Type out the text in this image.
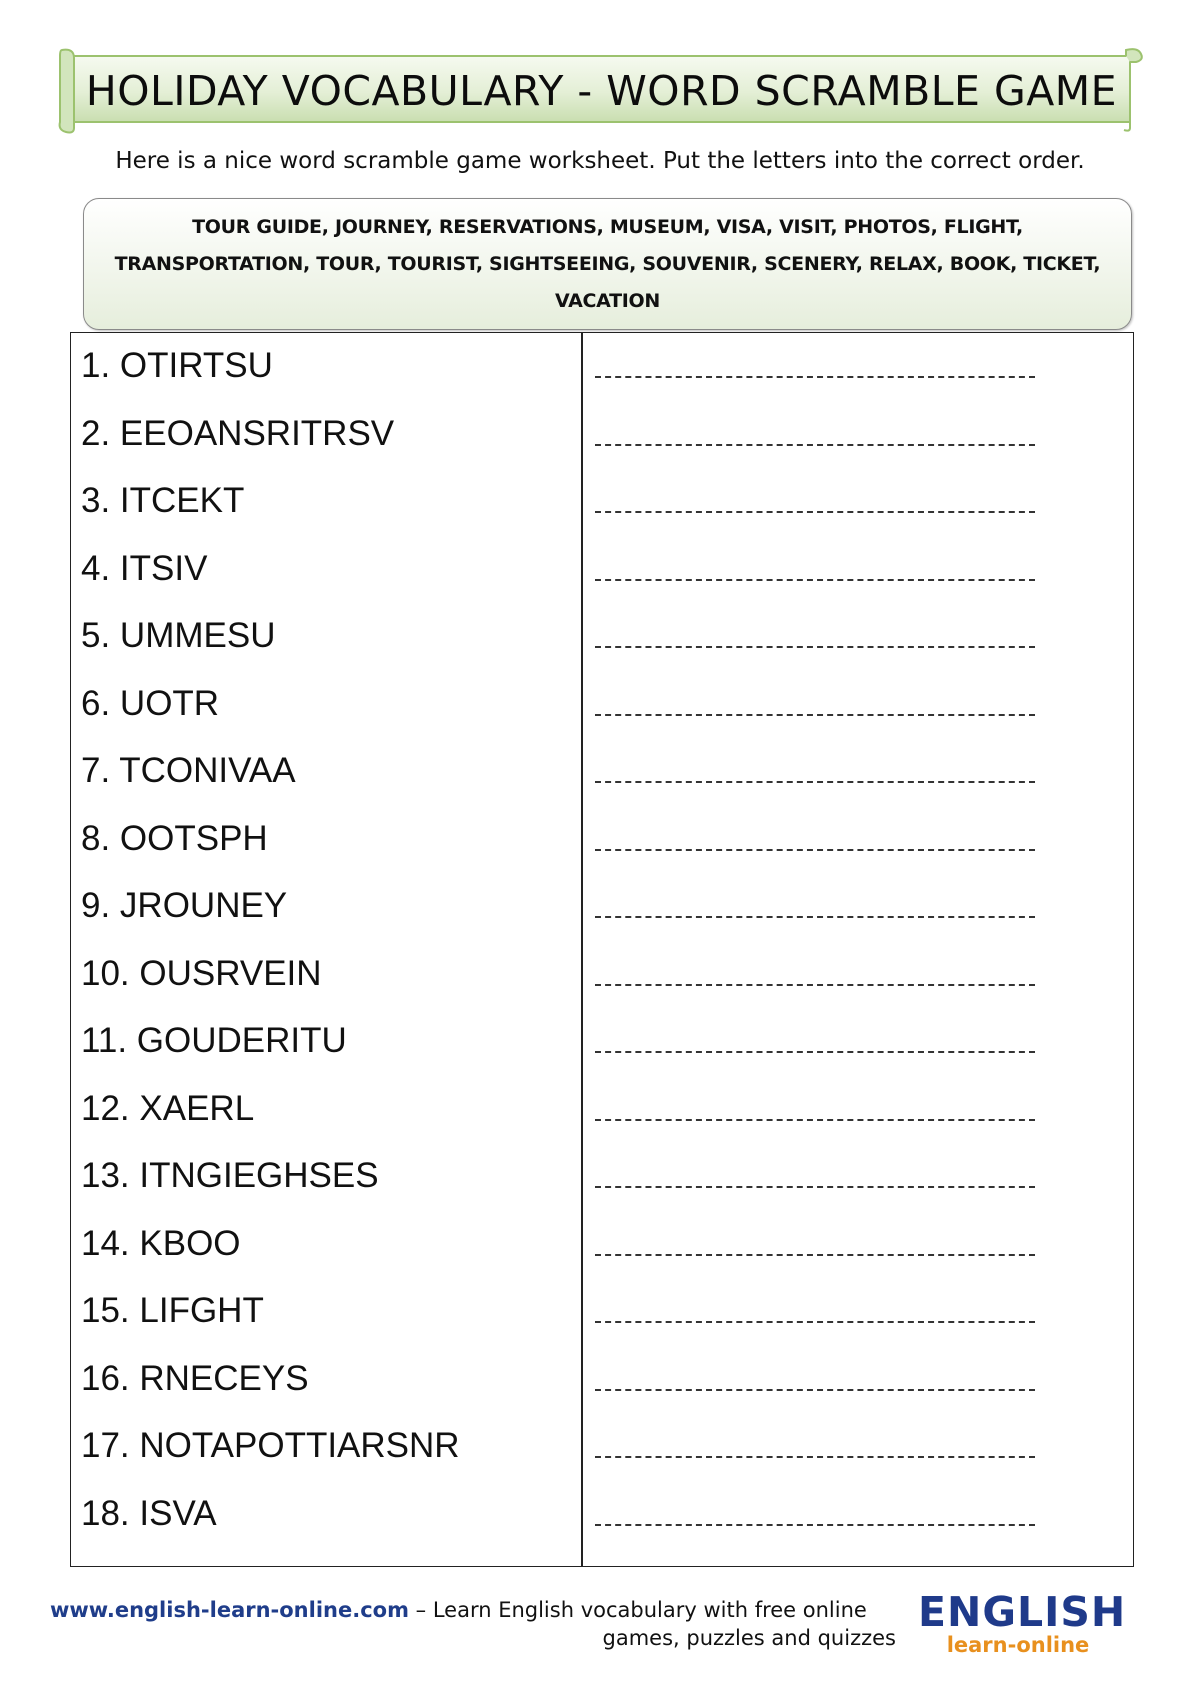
HOLIDAY VOCABULARY - WORD SCRAMBLE GAME
Here is a nice word scramble game worksheet. Put the letters into the correct order.
TOUR GUIDE, JOURNEY, RESERVATIONS, MUSEUM, VISA, VISIT, PHOTOS, FLIGHT, TRANSPORTATION, TOUR, TOURIST, SIGHTSEEING, SOUVENIR, SCENERY, RELAX, BOOK, TICKET, VACATION
1. OTIRTSU
2. EEOANSRITRSV
3. ITCEKT
4. ITSIV
5. UMMESU
6. UOTR
7. TCONIVAA
8. OOTSPH
9. JROUNEY
10. OUSRVEIN
11. GOUDERITU
12. XAERL
13. ITNGIEGHSES
14. KBOO
15. LIFGHT
16. RNECEYS
17. NOTAPOTTIARSNR
18. ISVA
www.english-learn-online.com – Learn English vocabulary with free online
games, puzzles and quizzes
ENGLISH
learn-online
